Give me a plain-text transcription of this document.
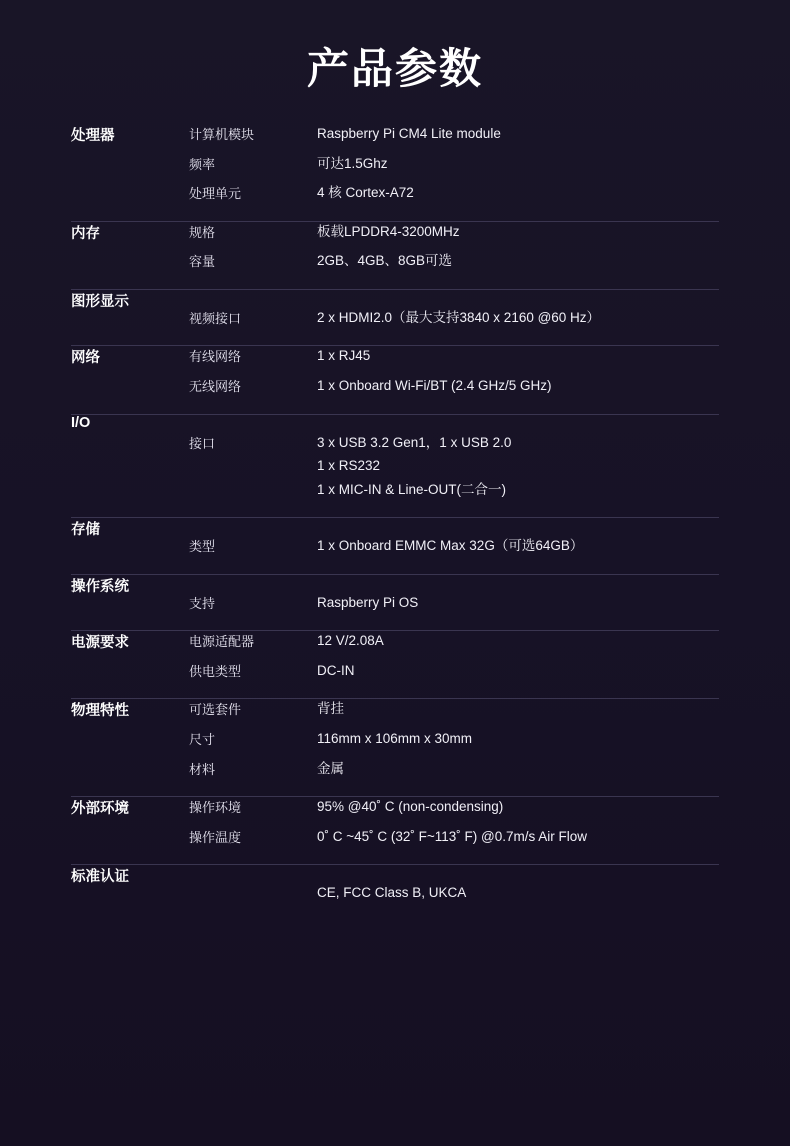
产品参数
处理器		计算机模块	Raspberry Pi CM4 Lite module

频率	可达1.5Ghz

处理单元	4 核 Cortex-A72

内存		规格	板载LPDDR4-3200MHz

容量	2GB、4GB、8GB可选

图形显示	
视频接口	2 x HDMI2.0（最大支持3840 x 2160 @60 Hz）

网络		有线网络	1 x RJ45

无线网络	1 x Onboard Wi-Fi/BT (2.4 GHz/5 GHz)

I/O	
接口	3 x USB 3.2 Gen1，1 x USB 2.0
1 x RS232
1 x MIC-IN & Line-OUT(二合一)

存储	
类型	1 x Onboard EMMC Max 32G（可选64GB）

操作系统	
支持	Raspberry Pi OS

电源要求		电源适配器	12 V/2.08A

供电类型	DC-IN

物理特性		可选套件	背挂

尺寸	116mm x 106mm x 30mm

材料	金属

外部环境		操作环境	95% @40˚ C (non-condensing)

操作温度	0˚ C ~45˚ C (32˚ F~113˚ F) @0.7m/s Air Flow

标准认证	

CE, FCC Class B, UKCA
